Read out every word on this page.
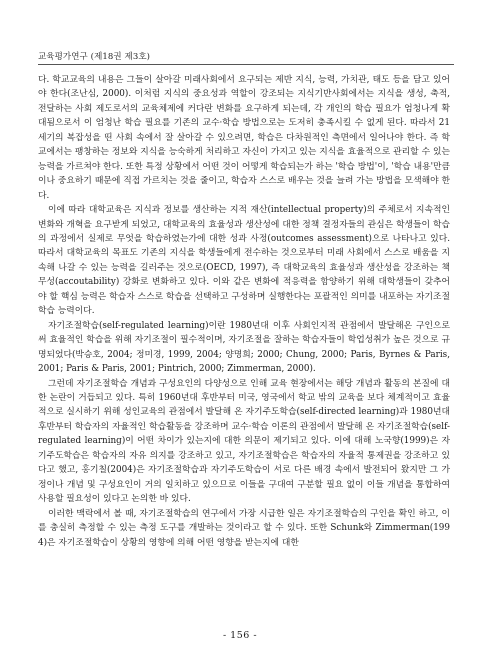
교육평가연구 (제18권 제3호)

다. 학교교육의 내용은 그들이 살아갈 미래사회에서 요구되는 제반 지식, 능력, 가치관, 태도 등을 담고 있어야 한다(조난심, 2000). 이처럼 지식의 중요성과 역할이 강조되는 지식기반사회에서는 지식을 생성, 축적, 전달하는 사회 제도로서의 교육체제에 커다란 변화를 요구하게 되는데, 각 개인의 학습 필요가 엄청나게 확대됨으로서 이 엄청난 학습 필요를 기존의 교수·학습 방법으로는 도저히 충족시킬 수 없게 된다. 따라서 21세기의 복잡성을 띤 사회 속에서 잘 살아갈 수 있으려면, 학습은 다차원적인 측면에서 일어나야 한다. 즉 학교에서는 팽창하는 정보와 지식을 능숙하게 처리하고 자신이 가지고 있는 지식을 효율적으로 관리할 수 있는 능력을 가르쳐야 한다. 또한 특정 상황에서 어떤 것이 어떻게 학습되는가 하는 '학습 방법'이, '학습 내용'만큼이나 중요하기 때문에 직접 가르치는 것을 줄이고, 학습자 스스로 배우는 것을 늘려 가는 방법을 모색해야 한다.

이에 따라 대학교육은 지식과 정보를 생산하는 지적 재산(intellectual property)의 주체로서 지속적인 변화와 개혁을 요구받게 되었고, 대학교육의 효율성과 생산성에 대한 정책 결정자들의 관심은 학생들이 학습의 과정에서 실제로 무엇을 학습하였는가에 대한 성과 사정(outcomes assessment)으로 나타나고 있다. 따라서 대학교육의 목표도 기존의 지식을 학생들에게 전수하는 것으로부터 미래 사회에서 스스로 배움을 지속해 나갈 수 있는 능력을 길러주는 것으로(OECD, 1997), 즉 대학교육의 효율성과 생산성을 강조하는 책무성(accoutability) 강화로 변화하고 있다. 이와 같은 변화에 적응력을 함양하기 위해 대학생들이 갖추어야 할 핵심 능력은 학습자 스스로 학습을 선택하고 구성하며 실행한다는 포괄적인 의미를 내포하는 자기조절학습 능력이다.

자기조절학습(self-regulated learning)이란 1980년대 이후 사회인지적 관점에서 발달해온 구인으로써 효율적인 학습을 위해 자기조절이 필수적이며, 자기조절을 잘하는 학습자들이 학업성취가 높은 것으로 규명되었다(박승호, 2004; 정미경, 1999, 2004; 양명희; 2000; Chung, 2000; Paris, Byrnes & Paris, 2001; Paris & Paris, 2001; Pintrich, 2000; Zimmerman, 2000).

그런데 자기조절학습 개념과 구성요인의 다양성으로 인해 교육 현장에서는 해당 개념과 활동의 본질에 대한 논란이 거듭되고 있다. 특히 1960년대 후반부터 미국, 영국에서 학교 밖의 교육을 보다 체계적이고 효율적으로 실시하기 위해 성인교육의 관점에서 발달해 온 자기주도학습(self-directed learning)과 1980년대 후반부터 학습자의 자율적인 학습활동을 강조하며 교수·학습 이론의 관점에서 발달해 온 자기조절학습(self-regulated learning)이 어떤 차이가 있는지에 대한 의문이 제기되고 있다. 이에 대해 노국향(1999)은 자기주도학습은 학습자의 자유 의지를 강조하고 있고, 자기조절학습은 학습자의 자율적 통제권을 강조하고 있다고 했고, 홍기칠(2004)은 자기조절학습과 자기주도학습이 서로 다른 배경 속에서 발전되어 왔지만 그 가정이나 개념 및 구성요인이 거의 일치하고 있으므로 이들을 구대여 구분할 필요 없이 이들 개념을 통합하여 사용할 필요성이 있다고 논의한 바 있다.

이러한 맥락에서 볼 때, 자기조절학습의 연구에서 가장 시급한 일은 자기조절학습의 구인을 확인 하고, 이를 충실히 측정할 수 있는 측정 도구를 개발하는 것이라고 할 수 있다. 또한 Schunk와 Zimmerman(1994)은 자기조절학습이 상황의 영향에 의해 어떤 영향을 받는지에 대한

- 156 -
